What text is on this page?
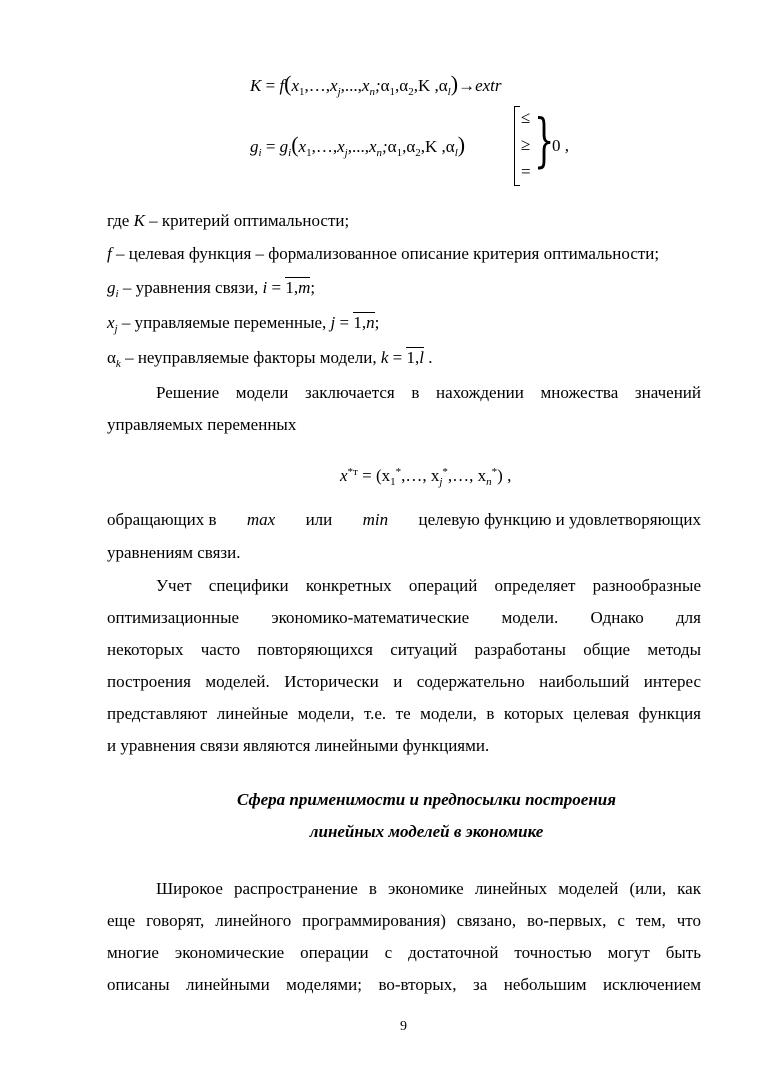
$K = f(x_1,\dots,x_j,...,x_n;\alpha_1,\alpha_2,K$ $,\alpha_l)\to extr$
$g_i$ = $g_i(x_1,\dots,x_j,...,x_n;\alpha_1,\alpha_2,K$ $,\alpha_l$)
≤
≥
= }
0 ,
где K – критерий оптимальности;
f – целевая функция – формализованное описание критерия оптимальности;
$g_i$ – уравнения связи, i = 1,m;
$x_j$ – управляемые переменные, j = 1,n;
$\alpha_k$ – неуправляемые факторы модели, k = 1,l .
Решение модели заключается в нахождении множества значений
управляемых переменных
$x^{*т}$ = ($x_1^*,\dots$, $x_j^*,\dots$, $x_n^*$) ,
обращающих в max или min целевую функцию и удовлетворяющих
уравнениям связи.
Учет специфики конкретных операций определяет разнообразные
оптимизационные экономико-математические модели. Однако для
некоторых часто повторяющихся ситуаций разработаны общие методы
построения моделей. Исторически и содержательно наибольший интерес
представляют линейные модели, т.е. те модели, в которых целевая функция
и уравнения связи являются линейными функциями.
Сфера применимости и предпосылки построения
линейных моделей в экономике
Широкое распространение в экономике линейных моделей (или, как
еще говорят, линейного программирования) связано, во-первых, с тем, что
многие экономические операции с достаточной точностью могут быть
описаны линейными моделями; во-вторых, за небольшим исключением
9
